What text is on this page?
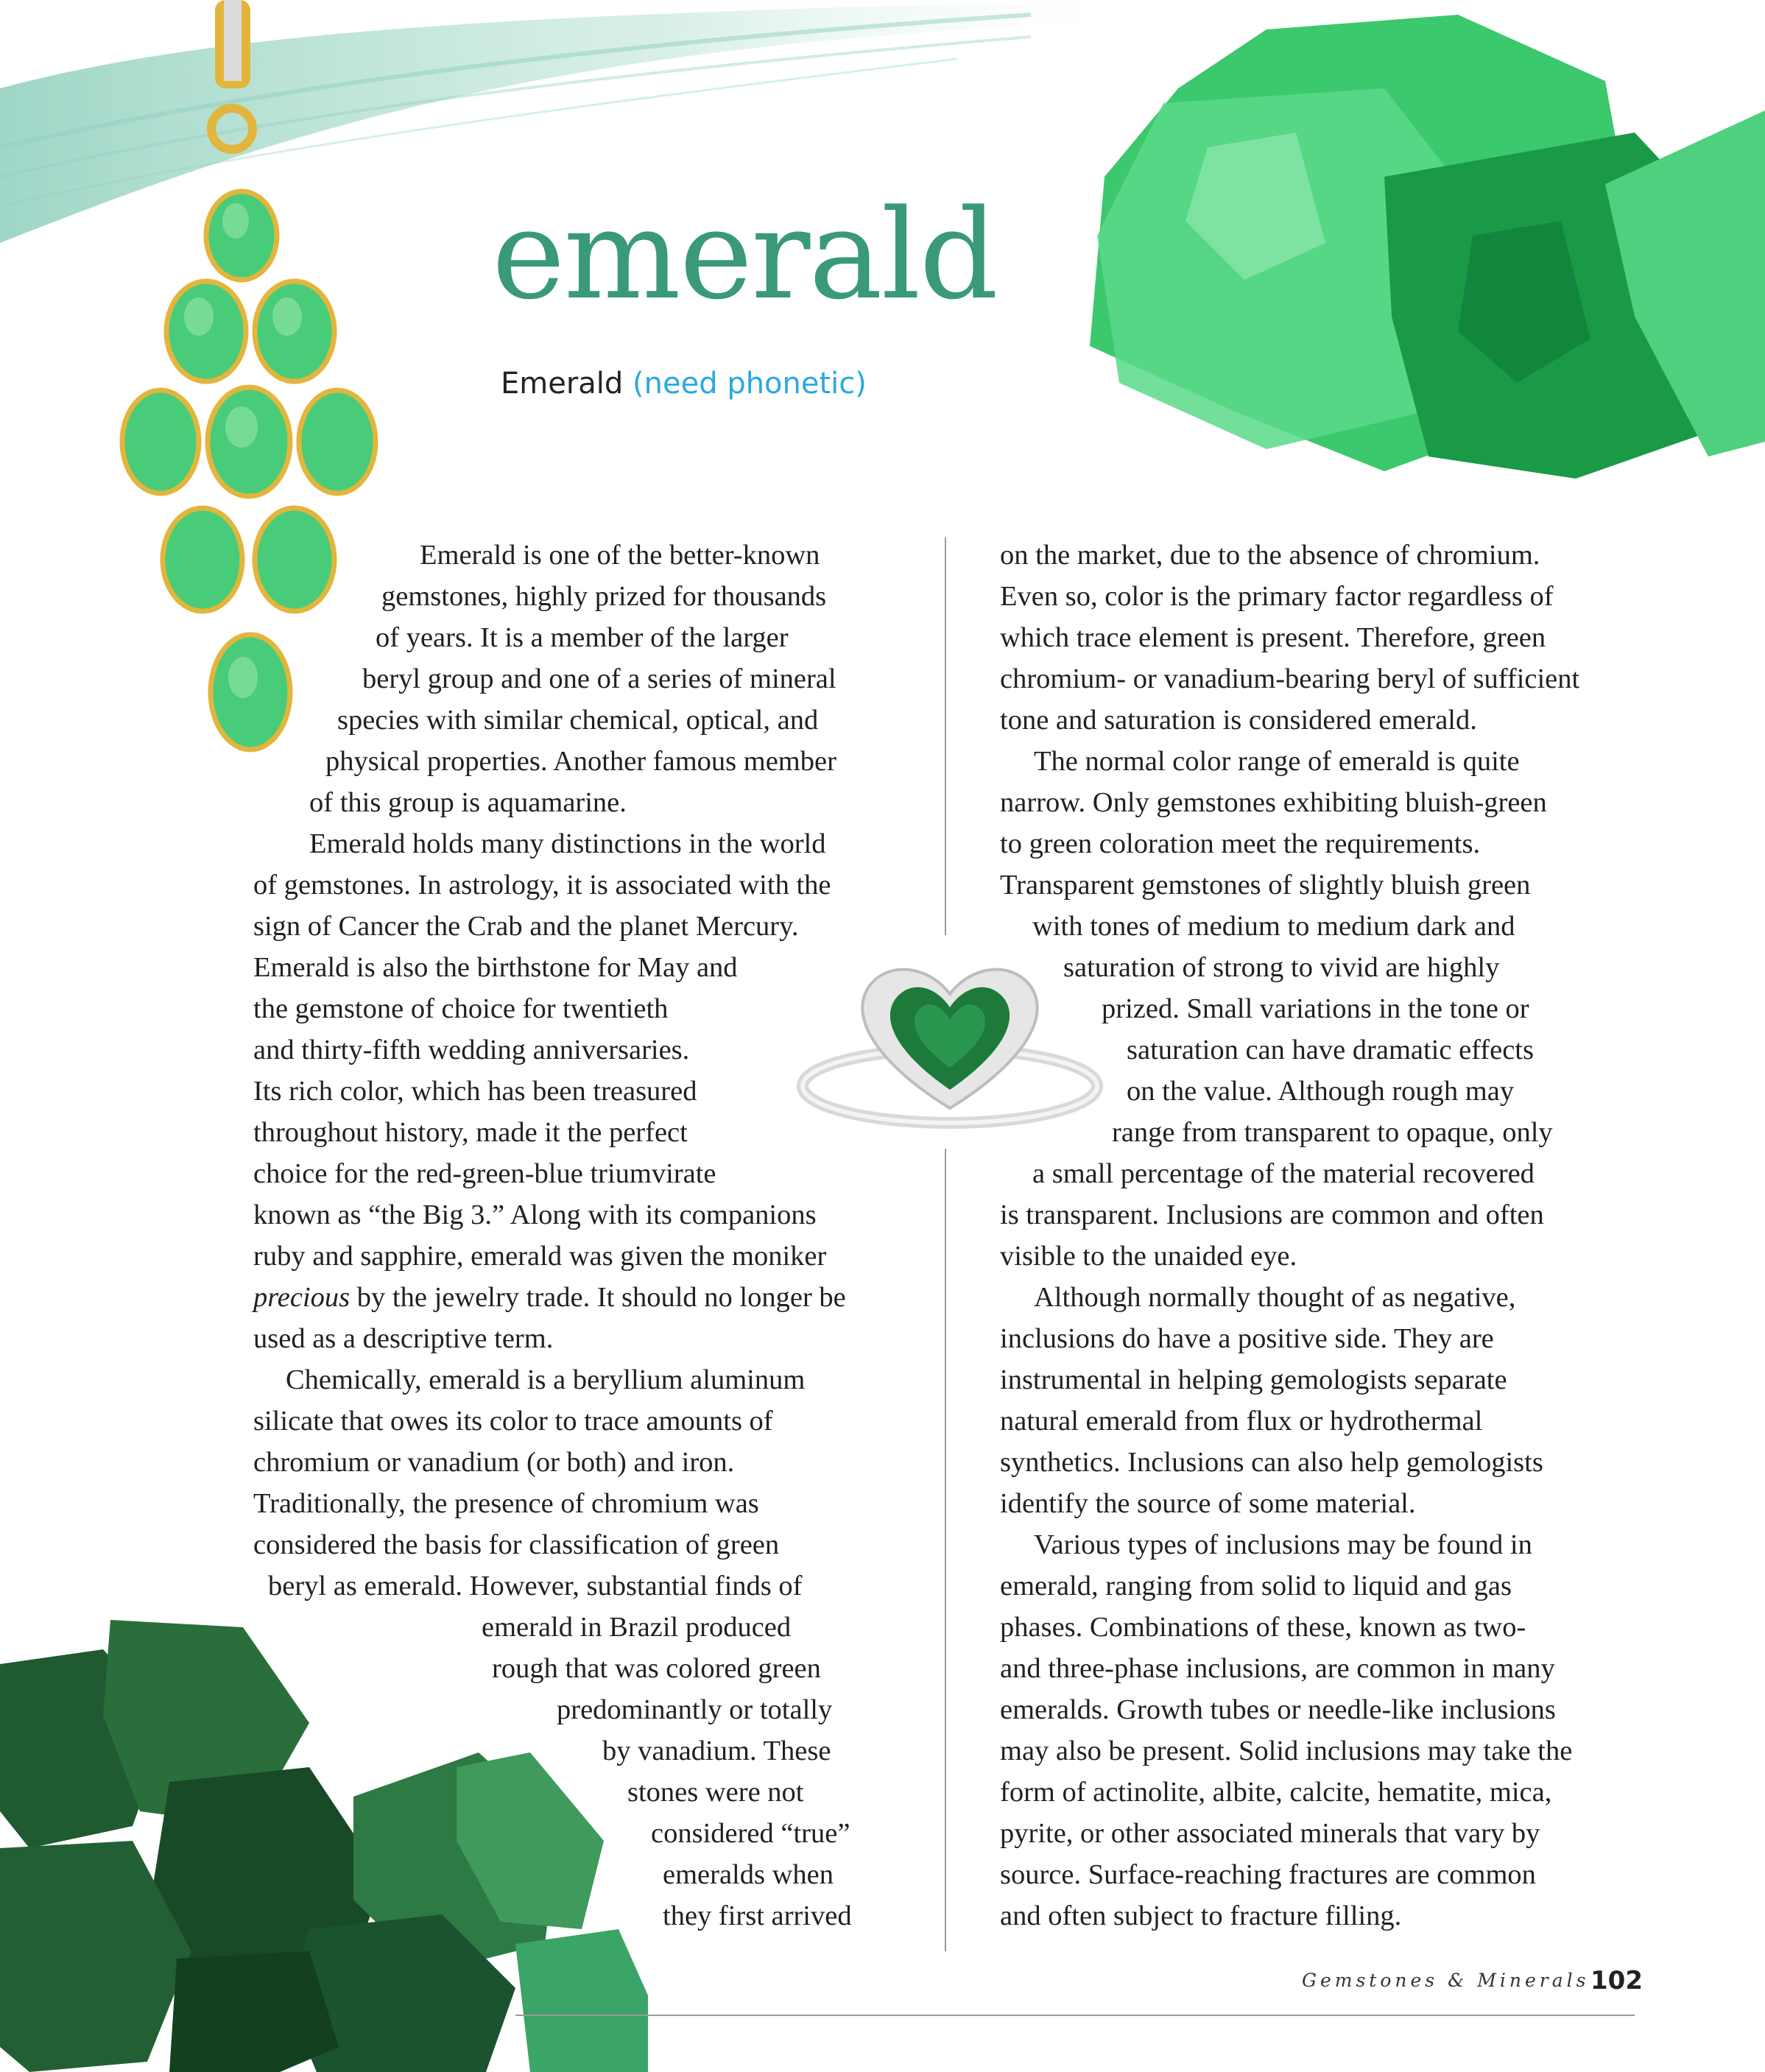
emerald

Emerald (need phonetic)

Emerald is one of the better-known

gemstones, highly prized for thousands

of years. It is a member of the larger

beryl group and one of a series of mineral

species with similar chemical, optical, and

physical properties. Another famous member

of this group is aquamarine.

Emerald holds many distinctions in the world

of gemstones. In astrology, it is associated with the

sign of Cancer the Crab and the planet Mercury.

Emerald is also the birthstone for May and

the gemstone of choice for twentieth

and thirty-fifth wedding anniversaries.

Its rich color, which has been treasured

throughout history, made it the perfect

choice for the red-green-blue triumvirate

known as “the Big 3.” Along with its companions

ruby and sapphire, emerald was given the moniker

precious by the jewelry trade. It should no longer be

used as a descriptive term.

Chemically, emerald is a beryllium aluminum

silicate that owes its color to trace amounts of

chromium or vanadium (or both) and iron.

Traditionally, the presence of chromium was

considered the basis for classification of green

beryl as emerald. However, substantial finds of

emerald in Brazil produced

rough that was colored green

predominantly or totally

by vanadium. These

stones were not

considered “true”

emeralds when

they first arrived

on the market, due to the absence of chromium.

Even so, color is the primary factor regardless of

which trace element is present. Therefore, green

chromium- or vanadium-bearing beryl of sufficient

tone and saturation is considered emerald.

The normal color range of emerald is quite

narrow. Only gemstones exhibiting bluish-green

to green coloration meet the requirements.

Transparent gemstones of slightly bluish green

with tones of medium to medium dark and

saturation of strong to vivid are highly

prized. Small variations in the tone or

saturation can have dramatic effects

on the value. Although rough may

range from transparent to opaque, only

a small percentage of the material recovered

is transparent. Inclusions are common and often

visible to the unaided eye.

Although normally thought of as negative,

inclusions do have a positive side. They are

instrumental in helping gemologists separate

natural emerald from flux or hydrothermal

synthetics. Inclusions can also help gemologists

identify the source of some material.

Various types of inclusions may be found in

emerald, ranging from solid to liquid and gas

phases. Combinations of these, known as two-

and three-phase inclusions, are common in many

emeralds. Growth tubes or needle-like inclusions

may also be present. Solid inclusions may take the

form of actinolite, albite, calcite, hematite, mica,

pyrite, or other associated minerals that vary by

source. Surface-reaching fractures are common

and often subject to fracture filling.

Gemstones & Minerals 102
